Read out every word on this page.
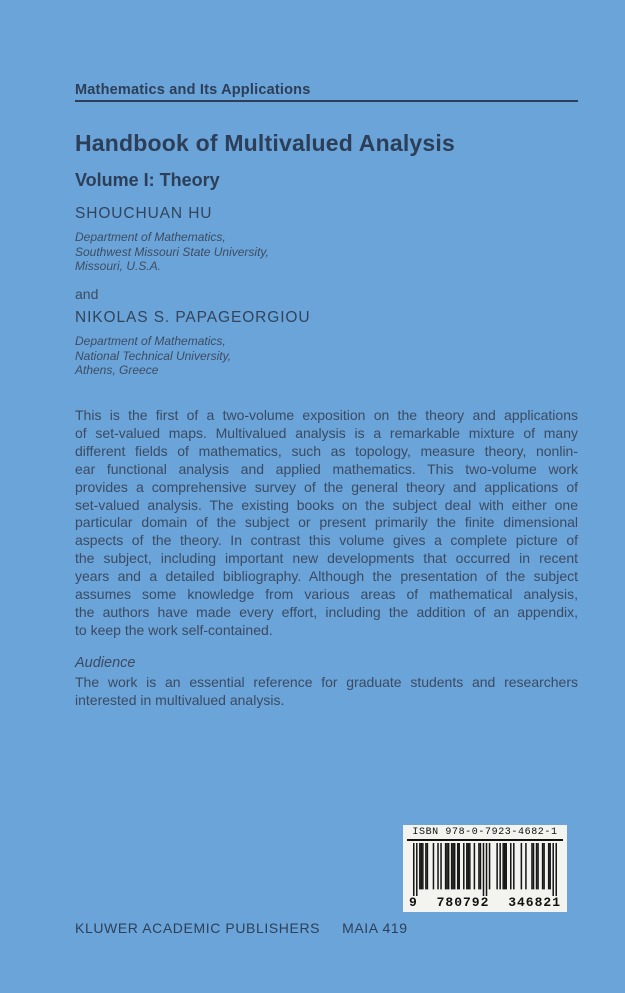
Mathematics and Its Applications
Handbook of Multivalued Analysis
Volume I: Theory
SHOUCHUAN HU
Department of Mathematics,
Southwest Missouri State University,
Missouri, U.S.A.
and
NIKOLAS S. PAPAGEORGIOU
Department of Mathematics,
National Technical University,
Athens, Greece
This is the first of a two-volume exposition on the theory and applications
of set-valued maps. Multivalued analysis is a remarkable mixture of many
different fields of mathematics, such as topology, measure theory, nonlin-
ear functional analysis and applied mathematics. This two-volume work
provides a comprehensive survey of the general theory and applications of
set-valued analysis. The existing books on the subject deal with either one
particular domain of the subject or present primarily the finite dimensional
aspects of the theory. In contrast this volume gives a complete picture of
the subject, including important new developments that occurred in recent
years and a detailed bibliography. Although the presentation of the subject
assumes some knowledge from various areas of mathematical analysis,
the authors have made every effort, including the addition of an appendix,
to keep the work self-contained.
Audience
The work is an essential reference for graduate students and researchers
interested in multivalued analysis.
ISBN 978-0-7923-4682-1
9 780792 346821
KLUWER ACADEMIC PUBLISHERS MAIA 419
